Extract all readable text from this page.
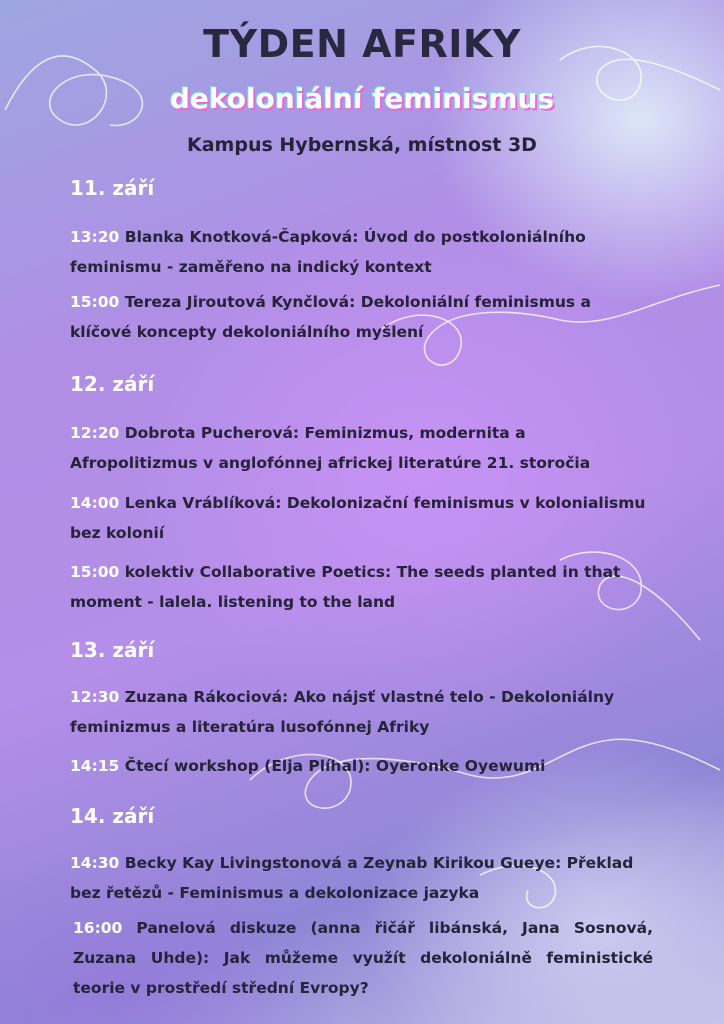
TÝDEN AFRIKY
dekoloniální feminismus
Kampus Hybernská, místnost 3D
11. září
13:20 Blanka Knotková-Čapková: Úvod do postkoloniálního feminismu - zaměřeno na indický kontext
15:00 Tereza Jiroutová Kynčlová: Dekoloniální feminismus a klíčové koncepty dekoloniálního myšlení
12. září
12:20 Dobrota Pucherová: Feminizmus, modernita a Afropolitizmus v anglofónnej africkej literatúre 21. storočia
14:00 Lenka Vráblíková: Dekolonizační feminismus v kolonialismu bez kolonií
15:00 kolektiv Collaborative Poetics: The seeds planted in that moment - lalela. listening to the land
13. září
12:30 Zuzana Rákociová: Ako nájsť vlastné telo - Dekoloniálny feminizmus a literatúra lusofónnej Afriky
14:15 Čtecí workshop (Elja Plíhal): Oyeronke Oyewumi
14. září
14:30 Becky Kay Livingstonová a Zeynab Kirikou Gueye: Překlad bez řetězů - Feminismus a dekolonizace jazyka
16:00 Panelová diskuze (anna řičář libánská, Jana Sosnová, Zuzana Uhde): Jak můžeme využít dekoloniálně feministické teorie v prostředí střední Evropy?
